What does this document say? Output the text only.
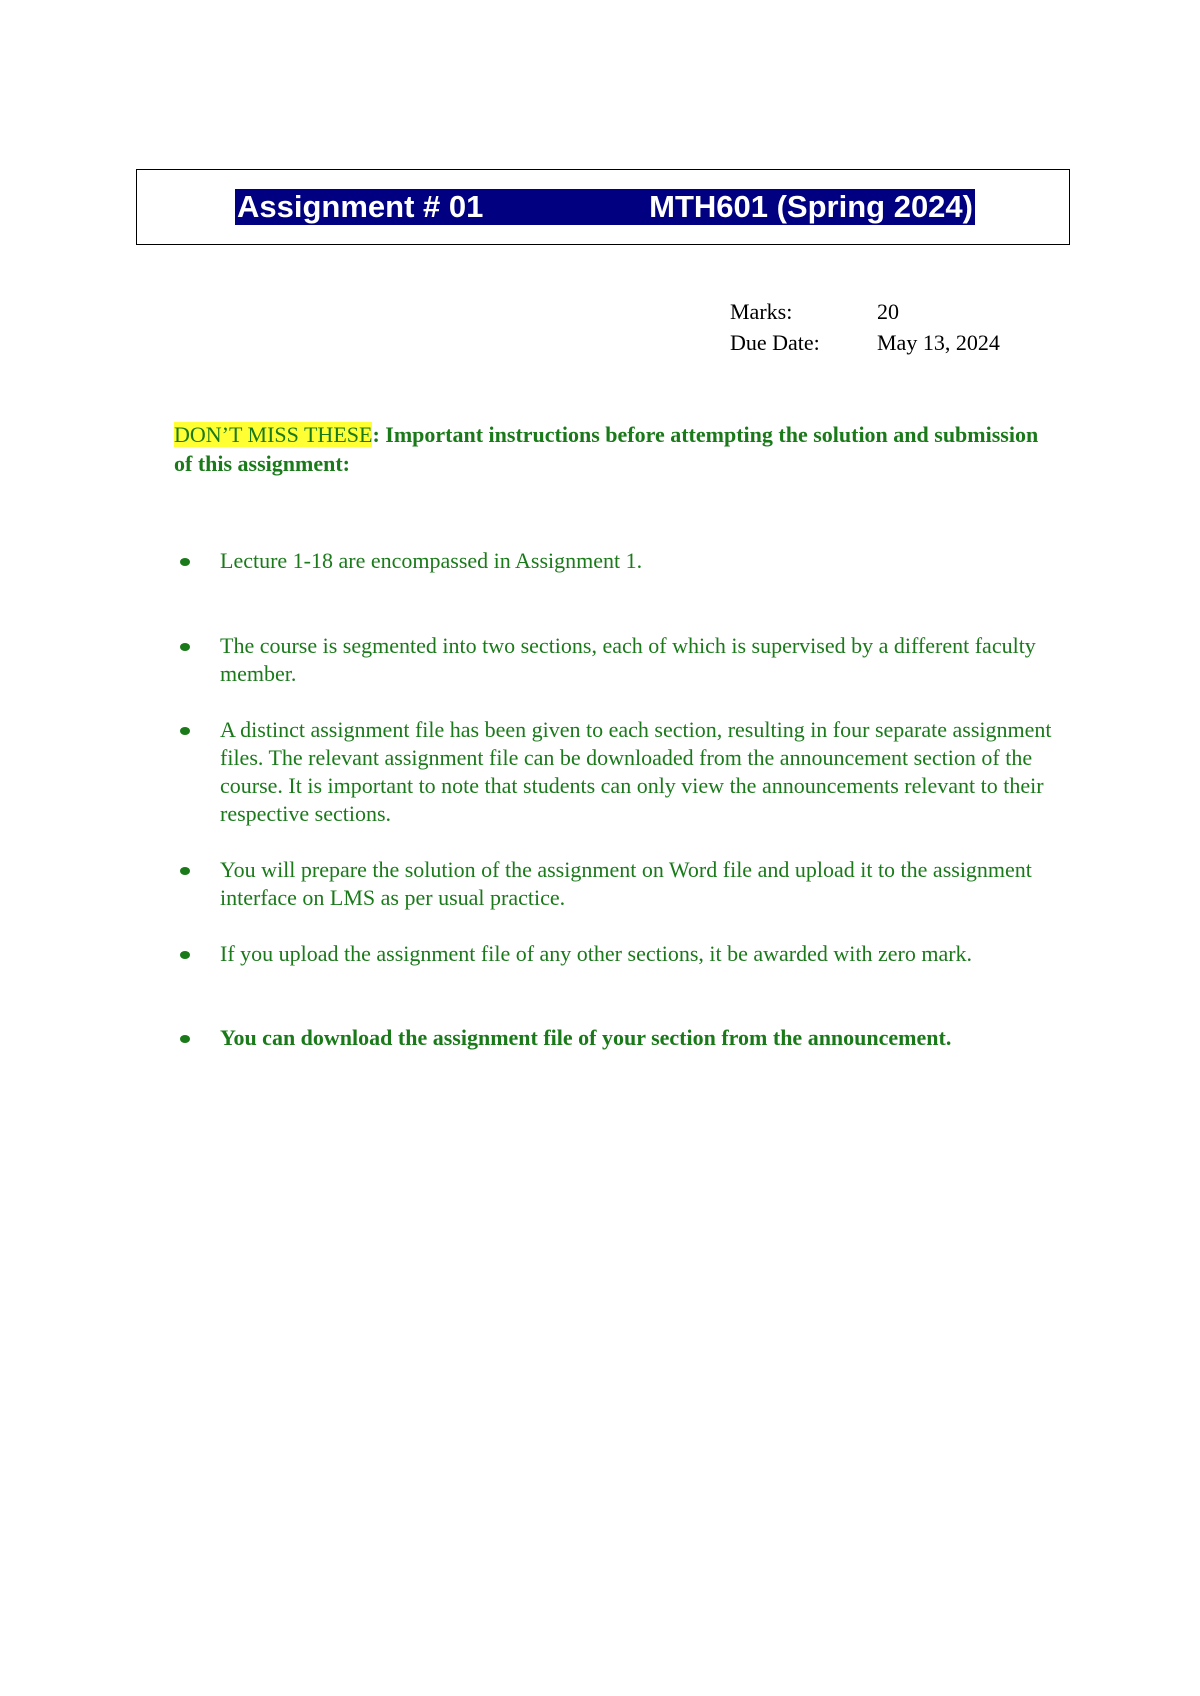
Assignment # 01	MTH601 (Spring 2024)
Marks:	20
Due Date:	May 13, 2024
DON’T MISS THESE: Important instructions before attempting the solution and submission of this assignment:
Lecture 1-18 are encompassed in Assignment 1.
The course is segmented into two sections, each of which is supervised by a different faculty member.
A distinct assignment file has been given to each section, resulting in four separate assignment files. The relevant assignment file can be downloaded from the announcement section of the course. It is important to note that students can only view the announcements relevant to their respective sections.
You will prepare the solution of the assignment on Word file and upload it to the assignment interface on LMS as per usual practice.
If you upload the assignment file of any other sections, it be awarded with zero mark.
You can download the assignment file of your section from the announcement.
